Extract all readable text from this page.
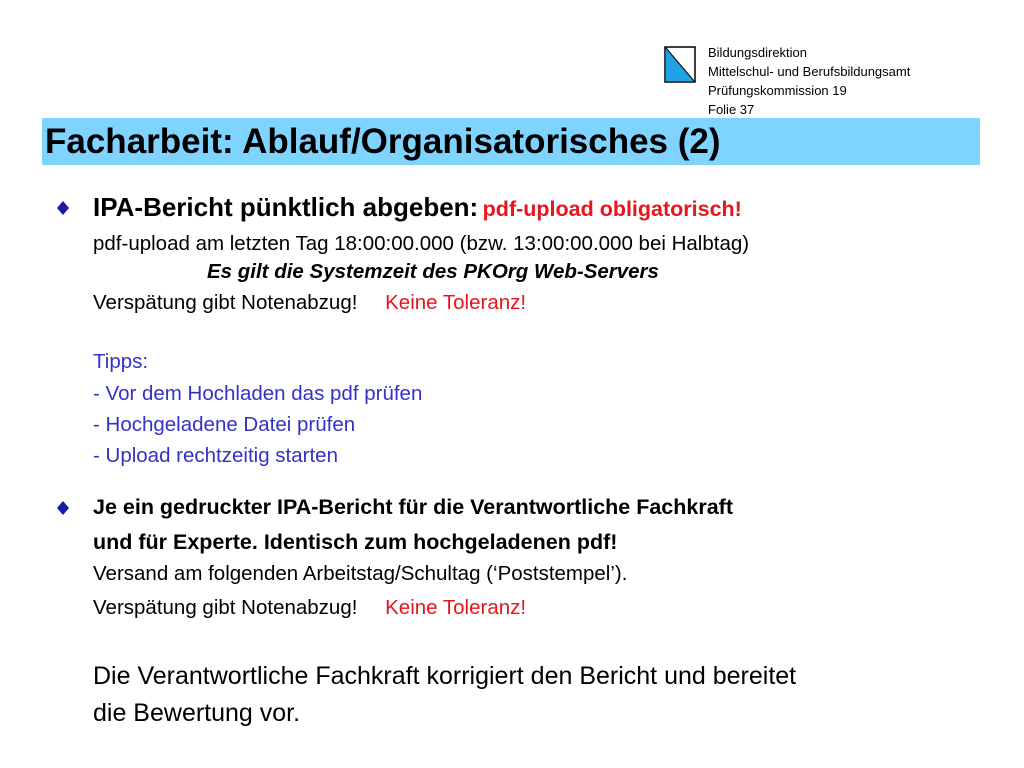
Bildungsdirektion
Mittelschul- und Berufsbildungsamt
Prüfungskommission 19
Folie 37
Facharbeit: Ablauf/Organisatorisches (2)
IPA-Bericht pünktlich abgeben: pdf-upload obligatorisch!
pdf-upload am letzten Tag 18:00:00.000 (bzw. 13:00:00.000 bei Halbtag)
Es gilt die Systemzeit des PKOrg Web-Servers
Verspätung gibt Notenabzug! Keine Toleranz!
Tipps:
- Vor dem Hochladen das pdf prüfen
- Hochgeladene Datei prüfen
- Upload rechtzeitig starten
Je ein gedruckter IPA-Bericht für die Verantwortliche Fachkraft
und für Experte. Identisch zum hochgeladenen pdf!
Versand am folgenden Arbeitstag/Schultag (‘Poststempel’).
Verspätung gibt Notenabzug! Keine Toleranz!
Die Verantwortliche Fachkraft korrigiert den Bericht und bereitet
die Bewertung vor.
